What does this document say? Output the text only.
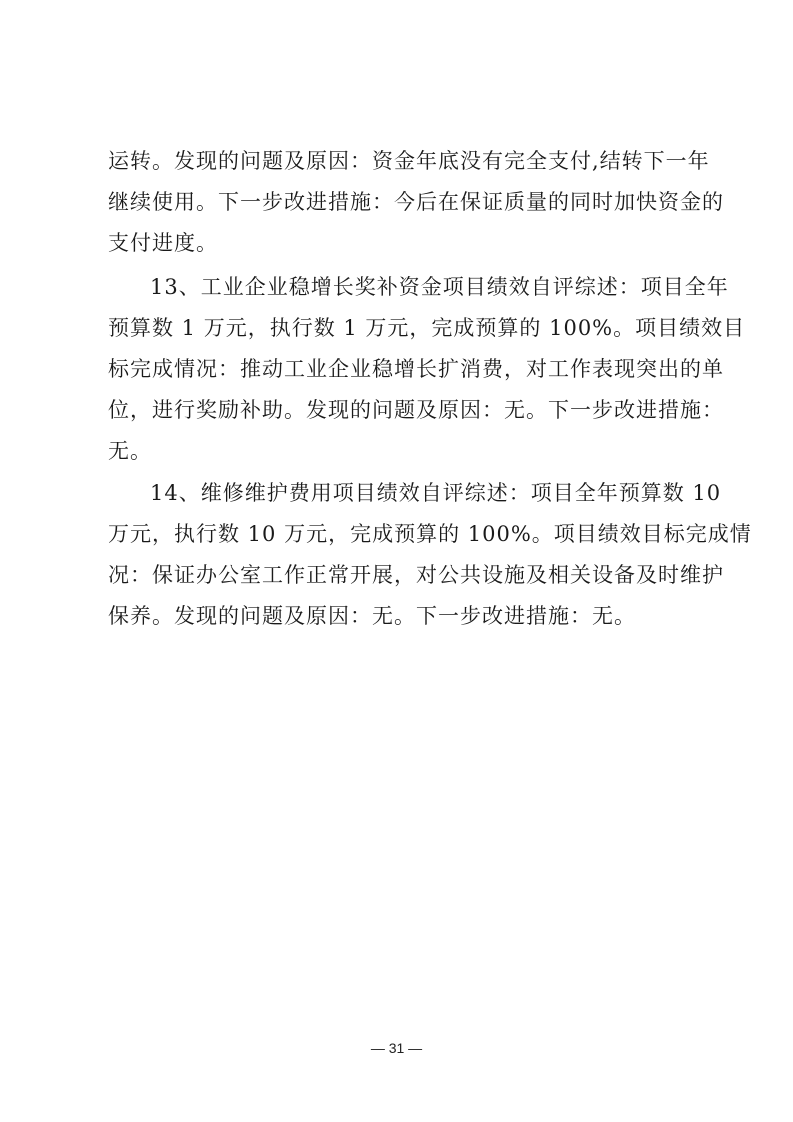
运转。发现的问题及原因：资金年底没有完全支付,结转下一年
继续使用。下一步改进措施：今后在保证质量的同时加快资金的
支付进度。
13、工业企业稳增长奖补资金项目绩效自评综述：项目全年
预算数 1 万元，执行数 1 万元，完成预算的 100%。项目绩效目
标完成情况：推动工业企业稳增长扩消费，对工作表现突出的单
位，进行奖励补助。发现的问题及原因：无。下一步改进措施：
无。
14、维修维护费用项目绩效自评综述：项目全年预算数 10
万元，执行数 10 万元，完成预算的 100%。项目绩效目标完成情
况：保证办公室工作正常开展，对公共设施及相关设备及时维护
保养。发现的问题及原因：无。下一步改进措施：无。
— 31 —
